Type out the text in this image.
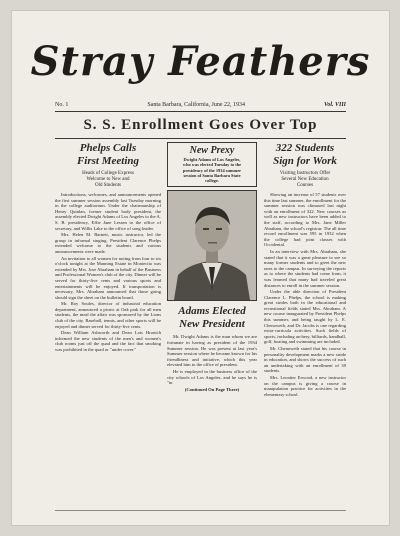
Stray Feathers
No. 1	Santa Barbara, California, June 22, 1934	Vol. VIII
S. S. Enrollment Goes Over Top
Phelps Calls
First Meeting
Heads of College Express
Welcome to New and
Old Students

Introductions, welcomes, and announcements opened the first summer session assembly last Tuesday morning in the college auditorium. Under the chairmanship of Henry Quinlan, former student body president, the assembly elected Dwight Adams of Los Angeles to the A. S. B. presidency, Effie Jane Lessen to the office of secretary, and Willis Lake to the office of song leader.

Mrs. Helen M. Barnett, music instructor, led the group in informal singing. President Clarence Phelps extended welcome to the students and various announcements were made.

An invitation to all women for noting from four to six o'clock tonight at the Manning Estate in Montecito was extended by Mrs. Jose Abraham in behalf of the Business and Professional Women's club of the city. Dinner will be served for thirty-five cents and various sports and entertainments will be enjoyed. If transportation is necessary, Mrs. Abraham announced that those going should sign the sheet on the bulletin board.

Mr. Roy Soules, director of industrial education department, announced a picnic at Oak park for all men students, the meal the affair was sponsored by the Lions club of the city. Baseball, tennis, and other sports will be enjoyed and dinner served for thirty-five cents.

Dean William Ashworth and Dean Lois Hronich informed the new students of the men's and women's club rooms just off the quad and the fact that smoking was prohibited in the quad or "under cover."

New Prexy
Dwight Adams of Los Angeles,
who was elected Tuesday to the
presidency of the 1934 summer
session of Santa Barbara State
college.
Adams Elected
New President

Mr. Dwight Adams is the man whom we are fortunate in having as president of the 1934 Summer session. He was present at last year's Summer session where he became known for his friendliness and initiative, which this year elevated him to the office of president.

He is employed in the business office of the city schools of Los Angeles, and he says he is "in

(Continued On Page Three)
322 Students
Sign for Work
Visiting Instructors Offer
Several New Education
Courses

Showing an increase of 57 students over this time last summer, the enrollment for the summer session was climaxed last night with an enrollment of 322. New courses as well as new instructors have been added to the staff, according to Mrs. Jane Miller Abraham, the school's registrar. The all time record enrollment was 595 in 1932 when the college had joint classes with Occidental.

In an interview with Mrs. Abraham, she stated that it was a great pleasure to see so many former students and to greet the new ones to the campus. In surveying the reports as to where the students had come from, it was learned that many had traveled great distances to enroll in the summer session.

Under the able direction of President Clarence L. Phelps, the school is making great strides both in the educational and recreational fields stated Mrs. Abraham. A new course inaugurated by President Phelps this summer, and being taught by L. E. Chenoweth, and Dr. Jacobs is one regarding extra-curricula activities. Such fields of sports, including archery, billiards, handball, golf, boating and swimming are included.

Mr. Chenoweth stated that his course in personality development marks a new stride in education, and shows the success of such an undertaking with an enrollment of 39 students.

Mrs. Leoniter Erwood, a new instructor on the campus is giving a course in manipulation practice for activities in the elementary school.
